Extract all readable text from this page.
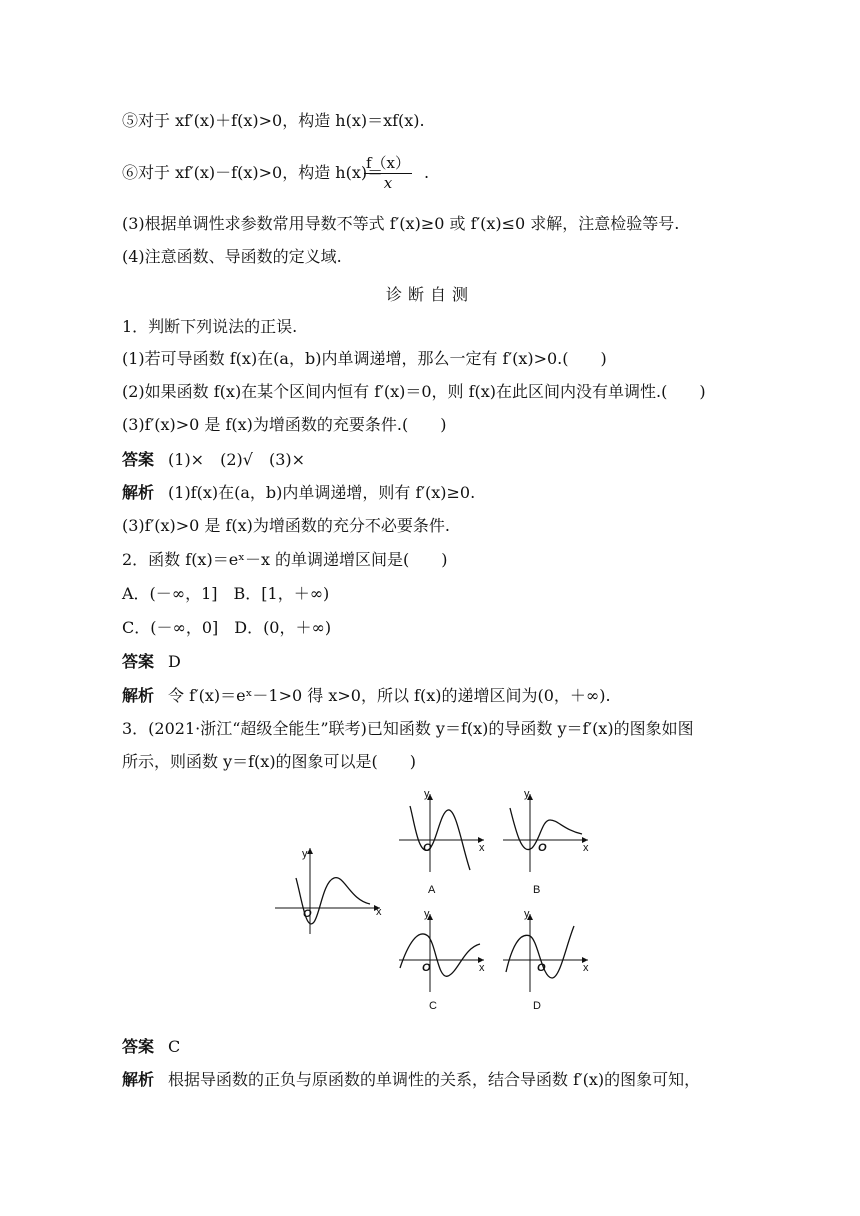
⑤对于 xf′(x)＋f(x)>0，构造 h(x)＝xf(x).
⑥对于 xf′(x)－f(x)>0，构造 h(x)＝
$\frac{f(x)}{x}$ .
(3)根据单调性求参数常用导数不等式 f′(x)≥0 或 f′(x)≤0 求解，注意检验等号.
(4)注意函数、导函数的定义域.
诊断自测
1．判断下列说法的正误.
(1)若可导函数 f(x)在(a，b)内单调递增，那么一定有 f′(x)>0.(　　)
(2)如果函数 f(x)在某个区间内恒有 f′(x)＝0，则 f(x)在此区间内没有单调性.(　　)
(3)f′(x)>0 是 f(x)为增函数的充要条件.(　　)
答案 (1)×　(2)√　(3)×
解析 (1)f(x)在(a，b)内单调递增，则有 f′(x)≥0.
(3)f′(x)>0 是 f(x)为增函数的充分不必要条件.
2．函数 f(x)＝eˣ－x 的单调递增区间是(　　)
A．(－∞，1]　B．[1，＋∞)
C．(－∞，0]　D．(0，＋∞)
答案 D
解析 令 f′(x)＝eˣ－1>0 得 x>0，所以 f(x)的递增区间为(0，＋∞).
3．(2021·浙江“超级全能生”联考)已知函数 y＝f(x)的导函数 y＝f′(x)的图象如图
所示，则函数 y＝f(x)的图象可以是(　　)
y
x
O
y
x
O
A
y
x
O
B
y
x
O
C
y
x
O
D
答案 C
解析 根据导函数的正负与原函数的单调性的关系，结合导函数 f′(x)的图象可知，
